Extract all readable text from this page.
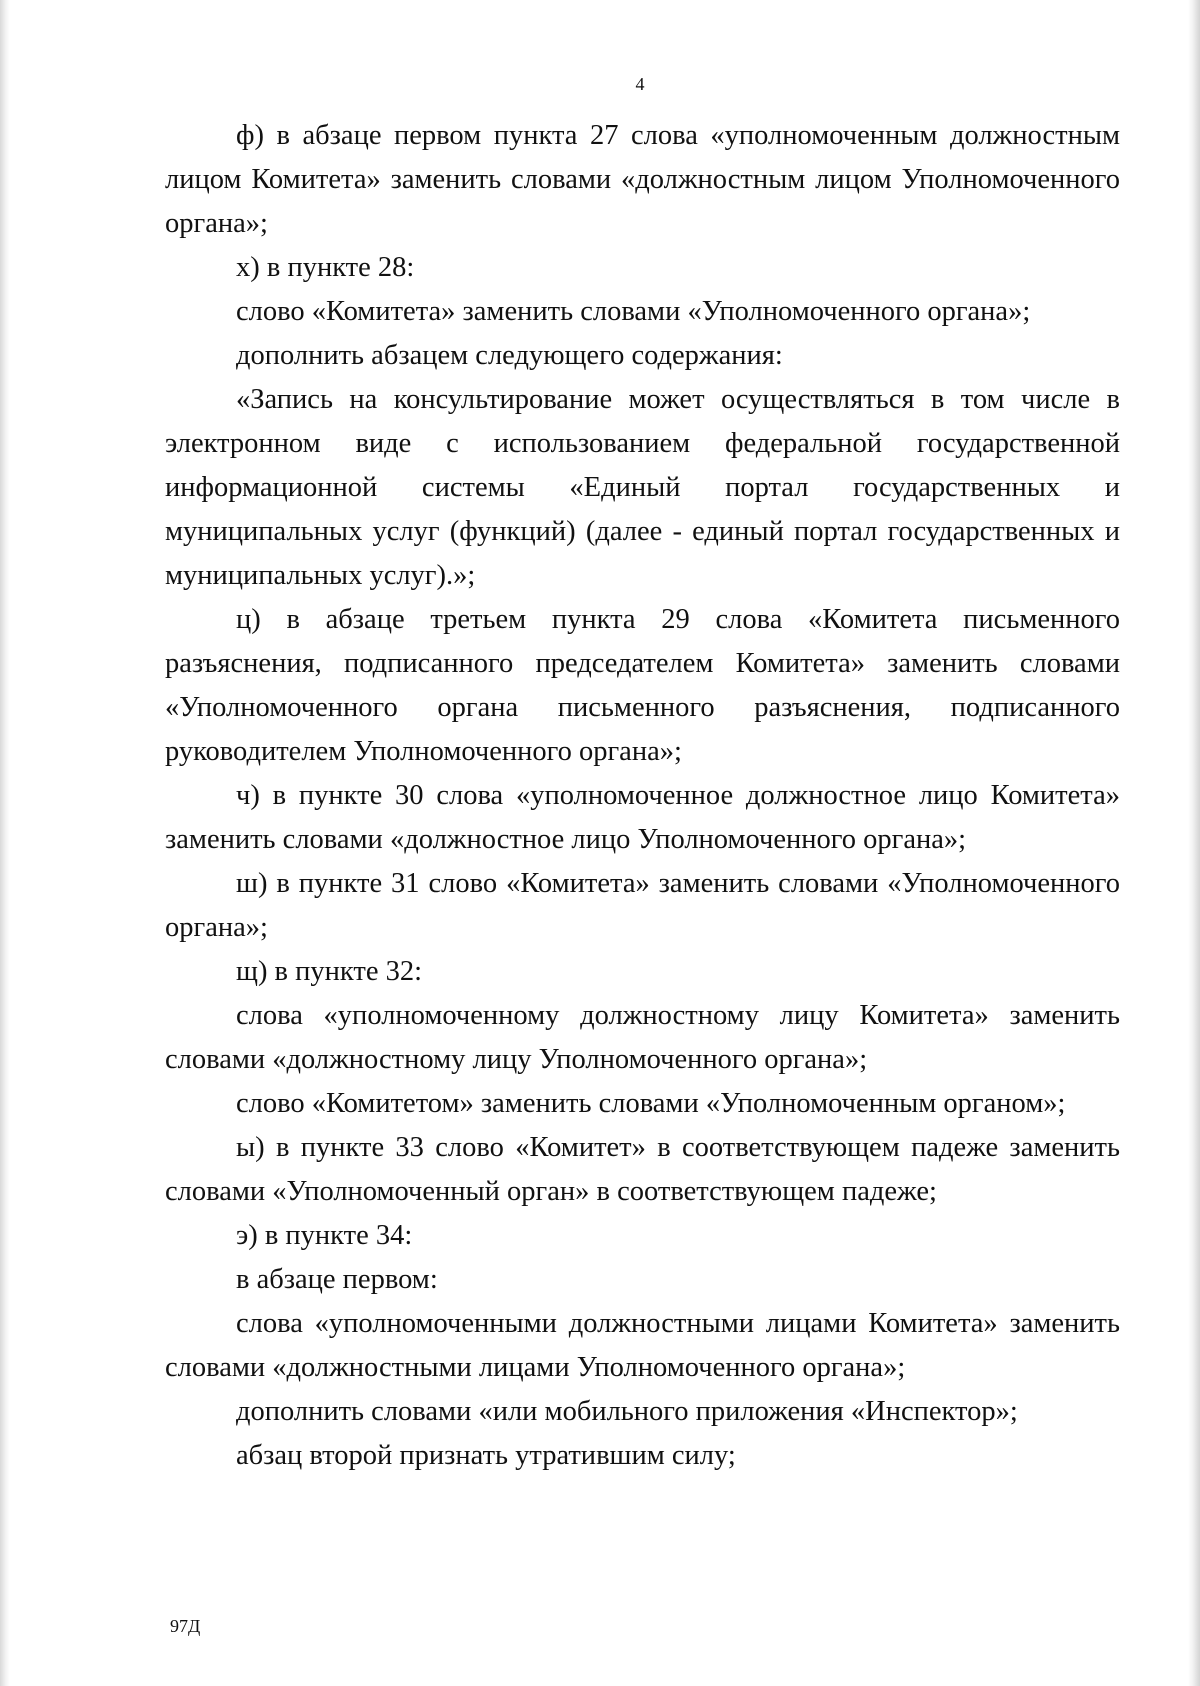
4

ф) в абзаце первом пункта 27 слова «уполномоченным должностным лицом Комитета» заменить словами «должностным лицом Уполномоченного органа»;

х) в пункте 28:

слово «Комитета» заменить словами «Уполномоченного органа»;

дополнить абзацем следующего содержания:

«Запись на консультирование может осуществляться в том числе в электронном виде с использованием федеральной государственной информационной системы «Единый портал государственных и муниципальных услуг (функций) (далее - единый портал государственных и муниципальных услуг).»;

ц) в абзаце третьем пункта 29 слова «Комитета письменного разъяснения, подписанного председателем Комитета» заменить словами «Уполномоченного органа письменного разъяснения, подписанного руководителем Уполномоченного органа»;

ч) в пункте 30 слова «уполномоченное должностное лицо Комитета» заменить словами «должностное лицо Уполномоченного органа»;

ш) в пункте 31 слово «Комитета» заменить словами «Уполномоченного органа»;

щ) в пункте 32:

слова «уполномоченному должностному лицу Комитета» заменить словами «должностному лицу Уполномоченного органа»;

слово «Комитетом» заменить словами «Уполномоченным органом»;

ы) в пункте 33 слово «Комитет» в соответствующем падеже заменить словами «Уполномоченный орган» в соответствующем падеже;

э) в пункте 34:

в абзаце первом:

слова «уполномоченными должностными лицами Комитета» заменить словами «должностными лицами Уполномоченного органа»;

дополнить словами «или мобильного приложения «Инспектор»;

абзац второй признать утратившим силу;

97Д
